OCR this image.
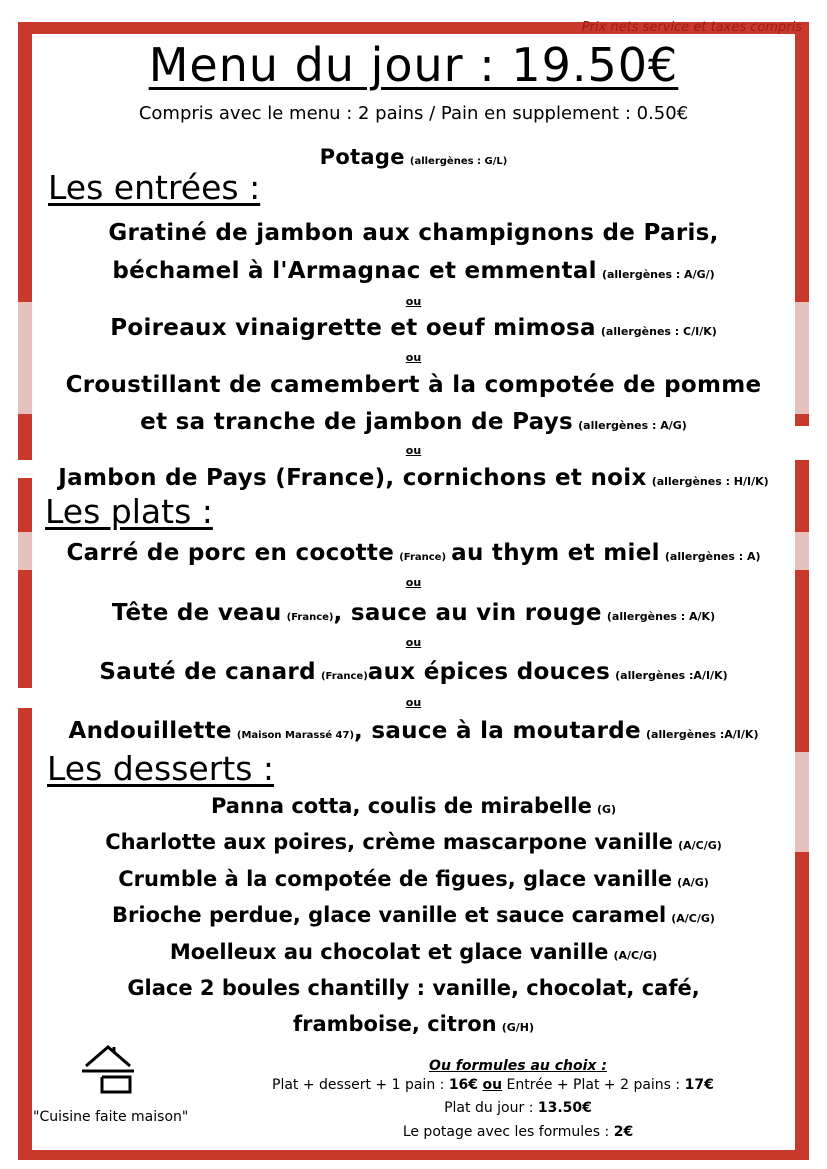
Prix nets service et taxes compris
Menu du jour : 19.50€
Compris avec le menu : 2 pains / Pain en supplement : 0.50€
Potage (allergènes : G/L)
Les entrées :
Gratiné de jambon aux champignons de Paris,
béchamel à l'Armagnac et emmental (allergènes : A/G/)
ou
Poireaux vinaigrette et oeuf mimosa (allergènes : C/I/K)
ou
Croustillant de camembert à la compotée de pomme
et sa tranche de jambon de Pays (allergènes : A/G)
ou
Jambon de Pays (France), cornichons et noix (allergènes : H/I/K)
Les plats :
Carré de porc en cocotte (France) au thym et miel (allergènes : A)
ou
Tête de veau (France), sauce au vin rouge (allergènes : A/K)
ou
Sauté de canard (France)aux épices douces (allergènes :A/I/K)
ou
Andouillette (Maison Marassé 47), sauce à la moutarde (allergènes :A/I/K)
Les desserts :
Panna cotta, coulis de mirabelle (G)
Charlotte aux poires, crème mascarpone vanille (A/C/G)
Crumble à la compotée de figues, glace vanille (A/G)
Brioche perdue, glace vanille et sauce caramel (A/C/G)
Moelleux au chocolat et glace vanille (A/C/G)
Glace 2 boules chantilly : vanille, chocolat, café,
framboise, citron (G/H)
"Cuisine faite maison"
Ou formules au choix :
Plat + dessert + 1 pain : 16€ ou Entrée + Plat + 2 pains : 17€
Plat du jour : 13.50€
Le potage avec les formules : 2€
